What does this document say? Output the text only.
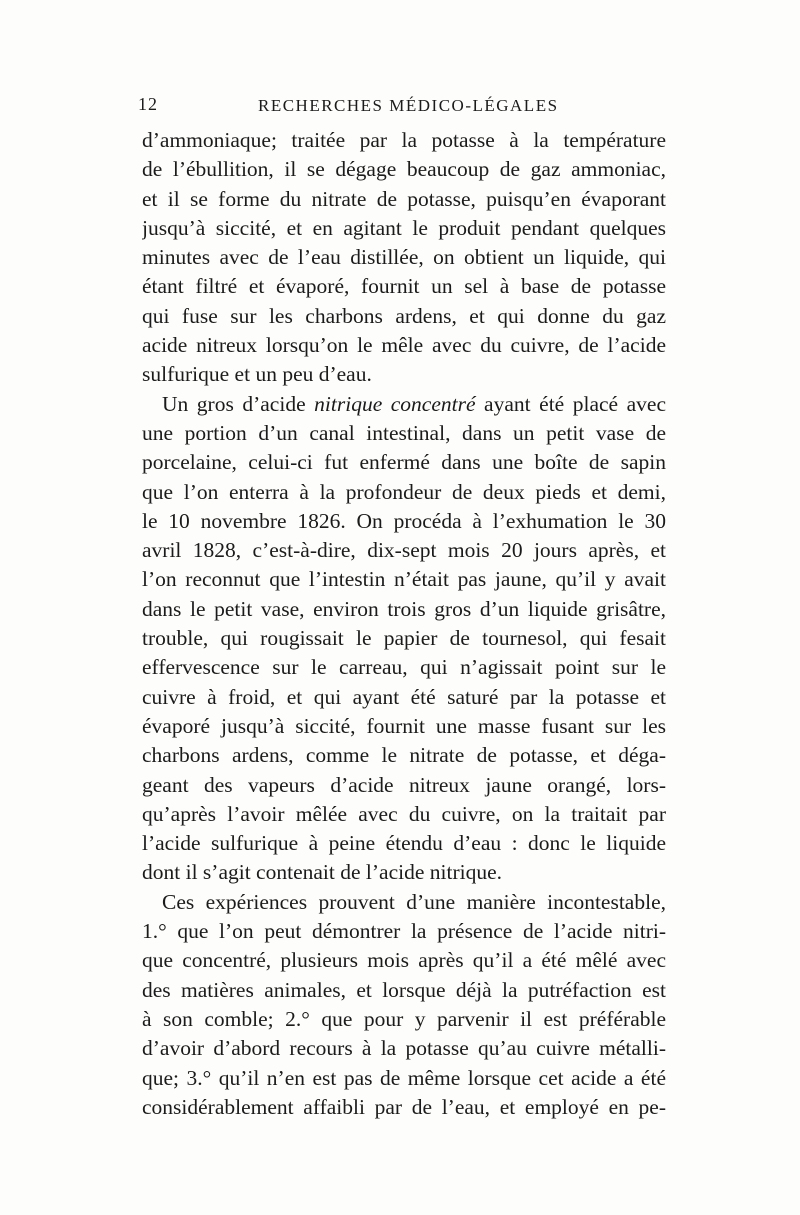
12	RECHERCHES MÉDICO-LÉGALES
d’ammoniaque; traitée par la potasse à la température
de l’ébullition, il se dégage beaucoup de gaz ammoniac,
et il se forme du nitrate de potasse, puisqu’en évaporant
jusqu’à siccité, et en agitant le produit pendant quelques
minutes avec de l’eau distillée, on obtient un liquide, qui
étant filtré et évaporé, fournit un sel à base de potasse
qui fuse sur les charbons ardens, et qui donne du gaz
acide nitreux lorsqu’on le mêle avec du cuivre, de l’acide
sulfurique et un peu d’eau.
Un gros d’acide nitrique concentré ayant été placé avec
une portion d’un canal intestinal, dans un petit vase de
porcelaine, celui-ci fut enfermé dans une boîte de sapin
que l’on enterra à la profondeur de deux pieds et demi,
le 10 novembre 1826. On procéda à l’exhumation le 30
avril 1828, c’est-à-dire, dix-sept mois 20 jours après, et
l’on reconnut que l’intestin n’était pas jaune, qu’il y avait
dans le petit vase, environ trois gros d’un liquide grisâtre,
trouble, qui rougissait le papier de tournesol, qui fesait
effervescence sur le carreau, qui n’agissait point sur le
cuivre à froid, et qui ayant été saturé par la potasse et
évaporé jusqu’à siccité, fournit une masse fusant sur les
charbons ardens, comme le nitrate de potasse, et déga-
geant des vapeurs d’acide nitreux jaune orangé, lors-
qu’après l’avoir mêlée avec du cuivre, on la traitait par
l’acide sulfurique à peine étendu d’eau : donc le liquide
dont il s’agit contenait de l’acide nitrique.
Ces expériences prouvent d’une manière incontestable,
1.° que l’on peut démontrer la présence de l’acide nitri-
que concentré, plusieurs mois après qu’il a été mêlé avec
des matières animales, et lorsque déjà la putréfaction est
à son comble; 2.° que pour y parvenir il est préférable
d’avoir d’abord recours à la potasse qu’au cuivre métalli-
que; 3.° qu’il n’en est pas de même lorsque cet acide a été
considérablement affaibli par de l’eau, et employé en pe-
